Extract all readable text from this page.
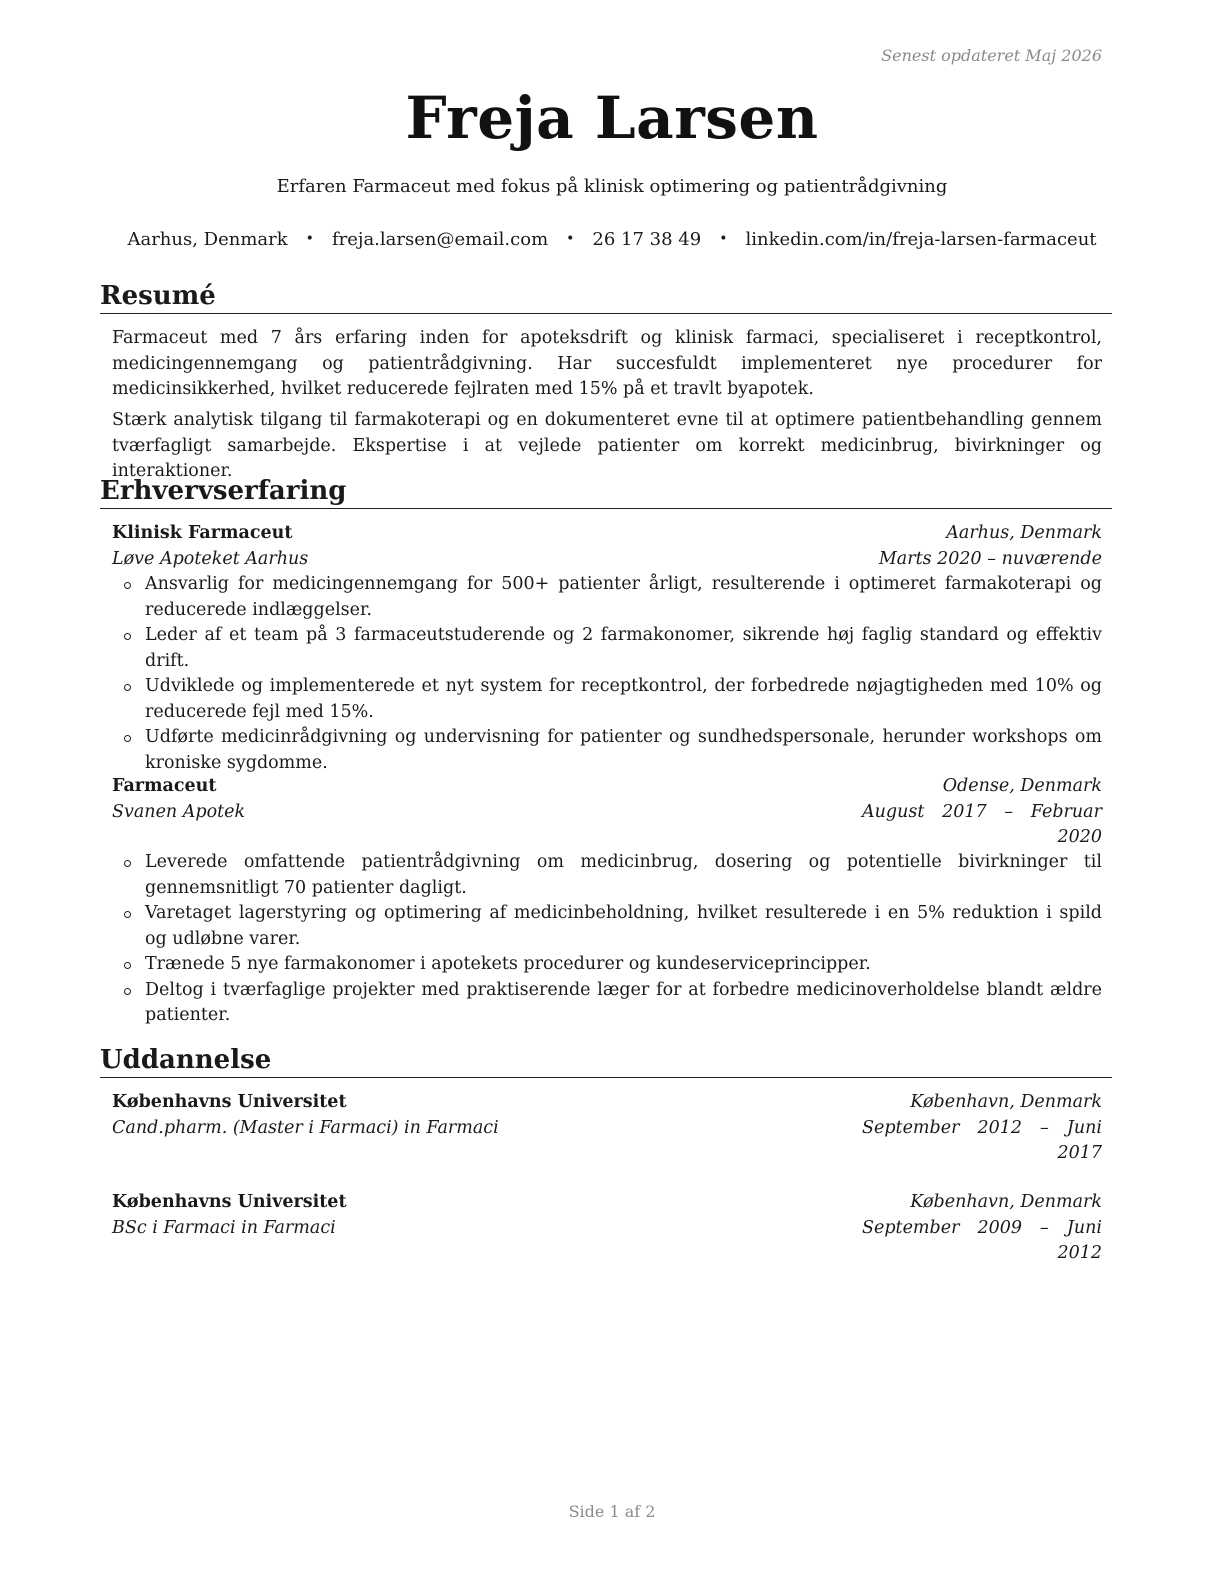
Senest opdateret Maj 2026
Freja Larsen
Erfaren Farmaceut med fokus på klinisk optimering og patientrådgivning
Aarhus, Denmark • freja.larsen@email.com • 26 17 38 49 • linkedin.com/in/freja-larsen-farmaceut
Resumé

Farmaceut med 7 års erfaring inden for apoteksdrift og klinisk farmaci, specialiseret i receptkontrol, medicingennemgang og patientrådgivning. Har succesfuldt implementeret nye procedurer for medicinsikkerhed, hvilket reducerede fejlraten med 15% på et travlt byapotek.

Stærk analytisk tilgang til farmakoterapi og en dokumenteret evne til at optimere patientbehandling gennem tværfagligt samarbejde. Ekspertise i at vejlede patienter om korrekt medicinbrug, bivirkninger og interaktioner.

Erhvervserfaring
Klinisk Farmaceut	Aarhus, Denmark
Løve Apoteket Aarhus	Marts 2020 – nuværende
Ansvarlig for medicingennemgang for 500+ patienter årligt, resulterende i optimeret farmakoterapi og reducerede indlæggelser.
Leder af et team på 3 farmaceutstuderende og 2 farmakonomer, sikrende høj faglig standard og effektiv drift.
Udviklede og implementerede et nyt system for receptkontrol, der forbedrede nøjagtigheden med 10% og reducerede fejl med 15%.
Udførte medicinrådgivning og undervisning for patienter og sundhedspersonale, herunder workshops om kroniske sygdomme.
Farmaceut	Odense, Denmark
Svanen Apotek	August 2017 – Februar 2020
Leverede omfattende patientrådgivning om medicinbrug, dosering og potentielle bivirkninger til gennemsnitligt 70 patienter dagligt.
Varetaget lagerstyring og optimering af medicinbeholdning, hvilket resulterede i en 5% reduktion i spild og udløbne varer.
Trænede 5 nye farmakonomer i apotekets procedurer og kundeserviceprincipper.
Deltog i tværfaglige projekter med praktiserende læger for at forbedre medicinoverholdelse blandt ældre patienter.
Uddannelse
Københavns Universitet	København, Denmark
Cand.pharm. (Master i Farmaci) in Farmaci	September 2012 – Juni 2017
Københavns Universitet	København, Denmark
BSc i Farmaci in Farmaci	September 2009 – Juni 2012
Side 1 af 2
